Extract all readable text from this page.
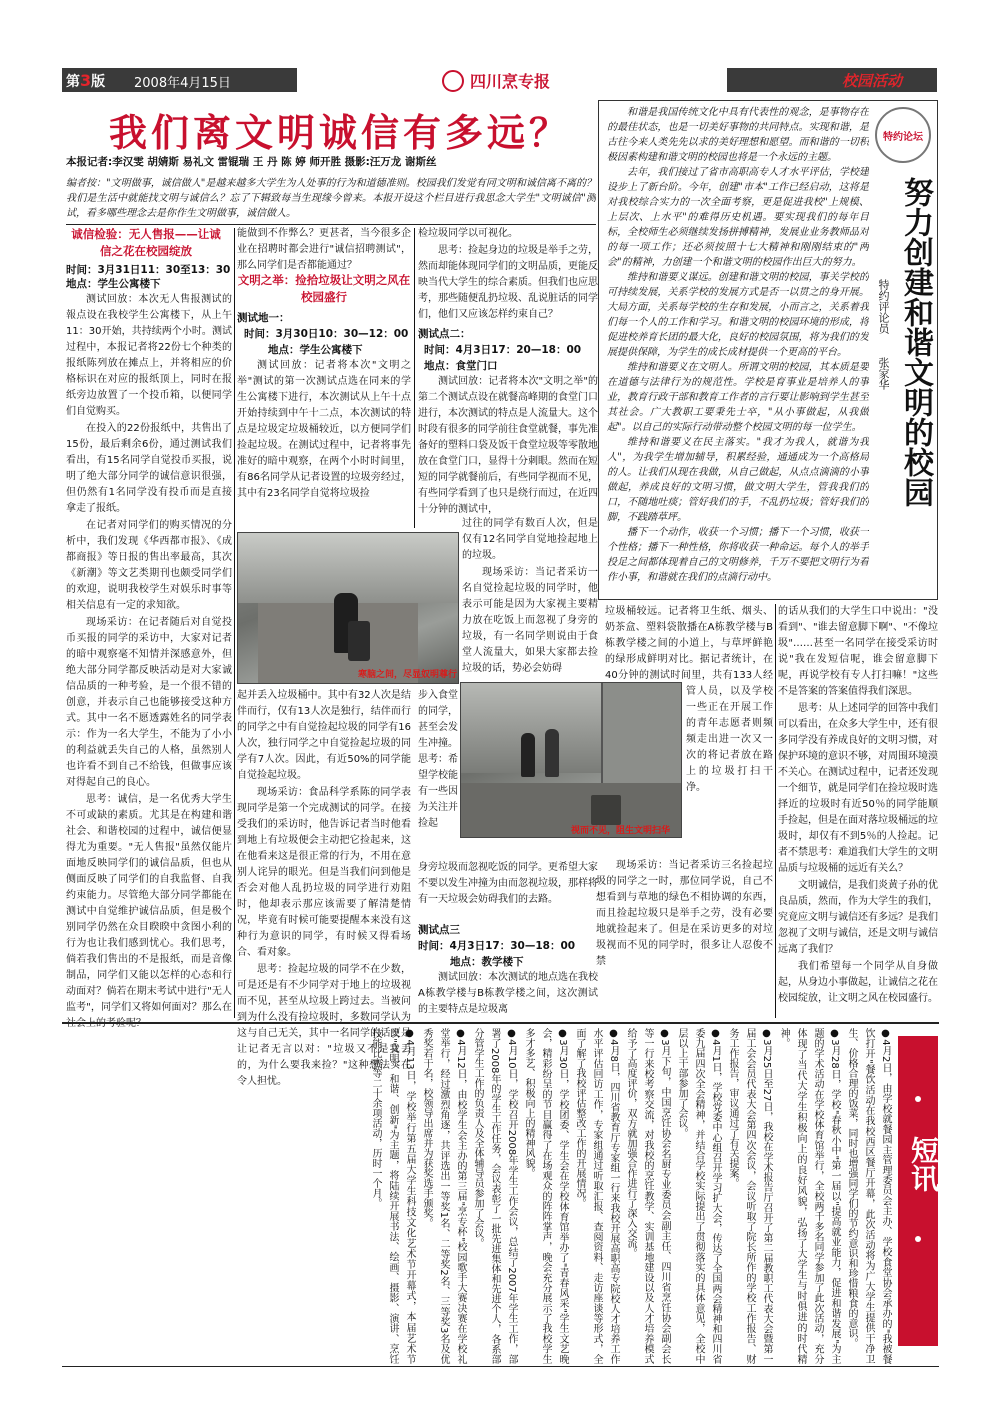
第3版 2008年4月15日	四川烹专报	校园活动
我们离文明诚信有多远？
本报记者:李汉雯 胡婧斯 易礼文 雷锟瑞 王 丹 陈 婷 师开胜 摄影:汪万龙 谢斯丝
编者按："文明做事，诚信做人"是越来越多大学生为人处事的行为和道德准则。校园我们发觉有同文明和诚信离不离的？我们是生活中就能找文明与诚信么？忘了下辑致每当生现缘今曾来。本报开设这个栏目进行我思念大学生"文明诚信"测试，看多哪些理念去是你作生文明做事，诚信做人。
诚信检验：无人售报——让诚信之花在校园绽放
时间：3月31日11：30至13：30
地点：学生公寓楼下

测试回放：本次无人售报测试的報点设在我校学生公寓楼下，从上午11：30开始，共持续两个小时。测试过程中，本报记者将22份七个种类的报纸陈列放在摊点上，并将相应的价格标识在对应的报纸顶上，同时在报纸旁边放置了一个投币箱，以便同学们自觉购买。

在投入的22份报纸中，共售出了15份，最后剩余6份，通过测试我们看出，有15名同学自觉投币买报，说明了绝大部分同学的诚信意识很强，但仍然有1名同学没有投币而是直接拿走了报纸。

在记者对同学们的购买情况的分析中，我们发现《华西都市报》、《成都商报》等日报的售出率最高，其次《新潮》等文艺类期刊也颇受同学们的欢迎，说明我校学生对娱乐时事等相关信息有一定的求知欲。

现场采访：在记者随后对自觉投币买报的同学的采访中，大家对记者的暗中观察毫不知情并深感意外，但绝大部分同学都反映活动是对大家诚信品质的一种考验，是一个很不错的创意，并表示自己也能够接受这种方式。其中一名不愿透露姓名的同学表示：作为一名大学生，不能为了小小的利益就丢失自己的人格，虽然别人也许看不到自己不给钱，但做事应该对得起自己的良心。

思考：诚信，是一名优秀大学生不可或缺的素质。尤其是在构建和谐社会、和谐校园的过程中，诚信便显得尤为重要。"无人售报"虽然仅能片面地反映同学们的诚信品质，但也从侧面反映了同学们的自我监督、自我约束能力。尽管绝大部分同学都能在测试中自觉维护诚信品质，但是极个别同学仍然在众目睽睽中贪图小利的行为也让我们感到忧心。我们思考，倘若我们售出的不是报纸，而是音像制品，同学们又能以怎样的心态和行动面对？倘若在期末考试中进行"无人监考"，同学们又将如何面对？那么在社会上的考验呢？

能做到不作弊么？更甚者，当今很多企业在招聘时都会进行"诚信招聘测试"，那么同学们是否都能通过？

文明之举：捡拾垃圾让文明之风在校园盛行
测试地一：
时间：3月30日10：30—12：00
地点：学生公寓楼下

测试回放：记者将本次"文明之举"测试的第一次测试点选在同来的学生公寓楼下进行，本次测试从上午十点开始持续到中午十二点，本次测试的特点是垃圾定垃圾桶较近，以方便同学们捡起垃圾。在测试过程中，记者将事先准好的暗中观察，在两个小时时间里，有86名同学从记者设置的垃圾旁经过，其中有23名同学自觉将垃圾捡

寒脑之间，尽显奴明尊行

起并丢入垃圾桶中。其中有32人次是结伴而行，仅有13人次是独行，结伴而行的同学之中有自觉捡起垃圾的同学有16人次，独行同学之中自觉捡起垃圾的同学有7人次。因此，有近50%的同学能自觉捡起垃圾。

现场采访：食品科学系陈的同学表现同学是第一个完成测试的同学。在接受我们的采访时，他告诉记者当时他看到地上有垃圾便会主动把它捡起来，这在他看来这是很正常的行为，不用在意别人诧异的眼光。但是当我们问到他是否会对他人乱扔垃圾的同学进行劝阻时，他却表示那应该需要了解清楚情况，毕竟有时候可能要提醒本来没有这种行为意识的同学，有时候又得看场合、看对象。

思考：捡起垃圾的同学不在少数，可是还是有不少同学对于地上的垃圾视而不见，甚至从垃圾上跨过去。当被问到为什么没有捡垃圾时，多数同学认为这与自己无关，其中一名同学的话更是让记者无言以对："垃圾又不是我丢的，为什么要我来捡？"这种想法实在令人担忧。

检垃圾同学以可视化。

思考：捡起身边的垃圾是举手之劳，然而却能体现同学们的文明品质，更能反映当代大学生的综合素质。但我们也应思考，那些随便乱扔垃圾、乱说脏话的同学们，他们又应该怎样约束自己？

测试点二：
时间：4月3日17：20—18：00
地点：食堂门口

测试回放：记者将本次"文明之举"的第二个测试点设在就餐高峰期的食堂门口进行，本次测试的特点是人流量大。这个时段有很多的同学前往食堂就餐，事先准备好的塑料口袋及饭干食堂垃圾等零散地放在食堂门口，显得十分刺眼。然而在短短的同学就餐前后，有些同学视而不见，有些同学看到了也只是绕行而过，在近四十分钟的测试中，

过往的同学有数百人次，但是仅有12名同学自觉地捡起地上的垃圾。

现场采访：当记者采访一名自觉捡起垃圾的同学时，他表示可能是因为大家视主要精力放在吃饭上而忽视了身旁的垃圾，有一名同学则说由于食堂人流量大，如果大家都去捡垃圾的话，势必会妨碍

步入食堂的同学，甚至会发生冲撞。思考：希望学校能有一些因为关注并捡起

视而不见，阻生文明扫华

身旁垃圾而忽视吃饭的同学。更希望大家不要以发生冲撞为由而忽视垃圾，那样将有一天垃圾会妨碍我们的去路。

测试点三
时间：4月3日17：30—18：00
地点：教学楼下

测试回放：本次测试的地点选在我校A栋教学楼与B栋教学楼之间，这次测试的主要特点是垃圾离

垃圾桶较远。记者将卫生纸、烟头、奶茶盒、塑料袋散播在A栋教学楼与B栋教学楼之间的小道上，与草坪鲜艳的绿形成鲜明对比。据记者统计，在40分钟的测试时间里，共有133人经

管人员，以及学校一些正在开展工作的青年志愿者则频频走出进一次又一次的将记者放在路上的垃圾打扫干净。

现场采访：当记者采访三名捡起垃圾的同学之一时，那位同学说，自己不想看到与草地的绿色不相协调的东西，而且捡起垃圾只是举手之劳，没有必要地就捡起来了。但是在采访更多的对垃圾视而不见的同学时，很多让人忍俊不禁

的话从我们的大学生口中说出："没看到"、"谁去留意脚下啊"、"不像垃圾"……甚至一名同学在接受采访时说"我在发短信呢，谁会留意脚下呢，再说学校有专人打扫嘛！"这些不是答案的答案值得我们深思。

思考：从上述同学的回答中我们可以看出，在众多大学生中，还有很多同学没有养成良好的文明习惯，对保护环境的意识不够，对周围环境漠不关心。在测试过程中，记者还发现一个细节，就是同学们在捡垃圾时选择近的垃圾时有近50％的同学能顺手捡起，但是在面对落垃圾桶远的垃圾时，却仅有不到5％的人捡起。记者不禁思考：难道我们大学生的文明品质与垃圾桶的远近有关么？

文明诚信，是我们炎黄子孙的优良品质，然而，作为大学生的我们，究竟应文明与诚信还有多远？是我们忽视了文明与诚信，还是文明与诚信远离了我们？

我们希望每一个同学从自身做起，从身边小事做起，让诚信之花在校园绽放，让文明之风在校园盛行。

和谐是我国传统文化中具有代表性的观念，是事物存在的最佳状态，也是一切美好事物的共同特点。实现和谐，是古往今来人类先先以求的美好理想和愿望。而和谐的一切积极因素构建和谐文明的校园也将是一个永远的主题。

去年，我们接过了省市高职高专人才水平评估，学校建设步上了新台阶。今年，创建"市本"工作已经启动，这将是对我校综合实力的一次全面考察，更是促进我校"上规模、上层次、上水平"的难得历史机遇。要实现我们的每年目标，全校师生必须继续发扬拼搏精神，发展业业务教师品对的每一项工作；还必须按照十七大精神和刚刚结束的"两会"的精神，力创建一个和谐文明的校园作出巨大的努力。

维持和谐要义谋远。创建和谐文明的校园，事关学校的可持续发展，关系学校的发展方式是否一以贯之的身开展。大局方面，关系每学校的生存和发展，小而言之，关系着我们每一个人的工作和学习。和谐文明的校园环境的形成，将促进校养育长团的最大化，良好的校园氛围，将为我们的发展提供保障，为学生的成长成材提供一个更高的平台。

维持和谐要义在文明人。所谓文明的校园，其本质是要在道德与法律行为的规范性。学校是育事业是培养人的事业，教育行政干部和教育工作者的言行要让影响到学生甚至其社会。广大教职工要秉先士卒，"从小事做起，从我做起"。以自己的实际行动带动整个校园文明的每一位学生。

维持和谐要义在民主落实。"我才为我人，就谐为我人"，为我学生增加辅导，积累经验，通通成为一个高格局的人。让我们从现在我做，从自己做起，从点点滴滴的小事做起，养成良好的文明习惯，做文明大学生，管我我们的口，不随地吐痰；管好我们的手，不乱扔垃圾；管好我们的脚，不践踏草坪。

播下一个动作，收获一个习惯；播下一个习惯，收获一个性格；播下一种性格，你将收获一种命运。每个人的举手投足之间都体现着自己的文明修养，千万不要把文明行为看作小事，和谐就在我们的点滴行动中。

特约论坛
努力创建和谐文明的校园
特约评论员
张家华
短讯

●4月2日，由学校就餐园主管理委员会主办、学校食堂协会承办的"我被餐饮打开"餐饮活动在我校西区餐厅开幕，此次活动将为广大学生提供干净卫生、价格合理的饭菜，同时也增强同学们的节约意识和珍惜粮食的意识。

●3月28日，学校"春秋小中"第一届以"提高就业能力，促进和谐发展"为主题的学术活动在学校体育馆举行，全校两千多名同学参加了此次活动，充分体现了当代大学生积极向上的良好风貌，弘扬了大学生与时俱进的时代精神。

●3月25日至27日，我校在学术报告厅召开了第二届教职工代表大会暨第一届工会会员代表大会第四次会议，会议听取了院长所作的学校工作报告、财务工作报告，审议通过了有关提案。

●4月1日，学校党委中心组召开学习扩大会，传达了全国两会精神和四川省委九届四次全会精神，并结合学校实际提出了贯彻落实的具体意见，全校中层以上干部参加了会议。

●3月下旬，中国烹饪协会名厨专业委员会副主任、四川省烹饪协会副会长等一行来校考察交流，对我校的烹饪教学、实训基地建设以及人才培养模式给予了高度评价，双方就加强合作进行了深入交流。

●4月8日，四川省教育厅专家组一行来我校开展高职高专院校人才培养工作水平评估回访工作，专家组通过听取汇报、查阅资料、走访座谈等形式，全面了解了我校评估整改工作的开展情况。

●3月30日，学校团委、学生会在学校体育馆举办了"青春风采"学生文艺晚会，精彩纷呈的节目赢得了在场观众的阵阵掌声，晚会充分展示了我校学生多才多艺、积极向上的精神风貌。

●4月10日，学校召开2008年学生工作会议，总结了2007年学生工作，部署了2008年的学生工作任务，会议表彰了一批先进集体和先进个人，各系部分管学生工作的负责人及全体辅导员参加了会议。

●4月12日，由校学生会主办的第三届"烹专杯"校园歌手大赛决赛在学校礼堂举行，经过激烈角逐，共评选出一等奖1名、二等奖2名、三等奖3名及优秀奖若干名，校领导出席并为获奖选手颁奖。

●4月13日，学校举行第五届大学生科技文化艺术节开幕式，本届艺术节以"文明、和谐、创新"为主题，将陆续开展书法、绘画、摄影、演讲、烹饪技能比赛等二十余项活动，历时一个月。
